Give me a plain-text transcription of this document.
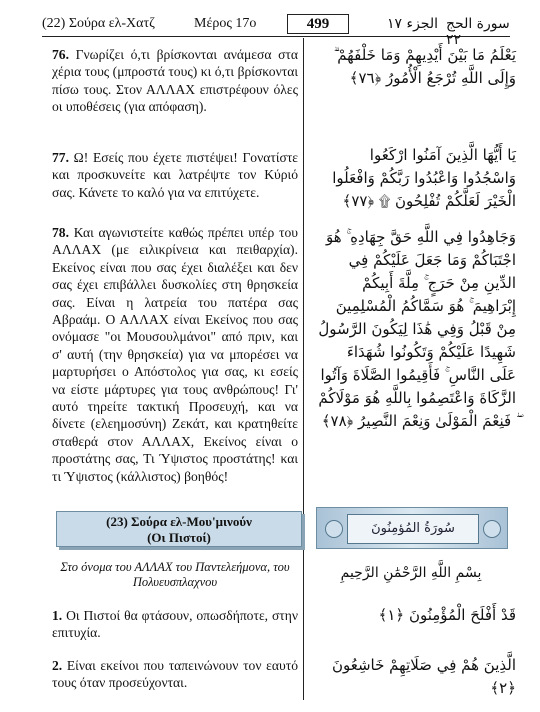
(22) Σούρα ελ-Χατζ	Μέρος 17ο	499	الجزء ١٧ سورة الحج ٢٢
76. Γνωρίζει ό,τι βρίσκονται ανάμεσα στα χέρια τους (μπροστά τους) κι ό,τι βρίσκονται πίσω τους. Στον ΑΛΛΑΧ επιστρέφουν όλες οι υποθέσεις (για απόφαση).
77. Ω! Εσείς που έχετε πιστέψει! Γονατίστε και προσκυνείτε και λατρέψτε τον Κύριό σας. Κάνετε το καλό για να επιτύχετε.
78. Και αγωνιστείτε καθώς πρέπει υπέρ του ΑΛΛΑΧ (με ειλικρίνεια και πειθαρχία). Εκείνος είναι που σας έχει διαλέξει και δεν σας έχει επιβάλλει δυσκολίες στη θρησκεία σας. Είναι η λατρεία του πατέρα σας Αβραάμ. Ο ΑΛΛΑΧ είναι Εκείνος που σας ονόμασε "οι Μουσουλμάνοι" από πριν, και σ' αυτή (την θρησκεία) για να μπορέσει να μαρτυρήσει ο Απόστολος για σας, κι εσείς να είστε μάρτυρες για τους ανθρώπους! Γι' αυτό τηρείτε τακτική Προσευχή, και να δίνετε (ελεημοσύνη) Ζεκάτ, και κρατηθείτε σταθερά στον ΑΛΛΑΧ, Εκείνος είναι ο προστάτης σας, Τι Ύψιστος προστάτης! και τι Ύψιστος (κάλλιστος) βοηθός!
يَعْلَمُ مَا بَيْنَ أَيْدِيهِمْ وَمَا خَلْفَهُمْ ۗ وَإِلَى اللَّهِ تُرْجَعُ الْأُمُورُ ﴿٧٦﴾
يَا أَيُّهَا الَّذِينَ آمَنُوا ارْكَعُوا وَاسْجُدُوا وَاعْبُدُوا رَبَّكُمْ وَافْعَلُوا الْخَيْرَ لَعَلَّكُمْ تُفْلِحُونَ ۩ ﴿٧٧﴾
وَجَاهِدُوا فِي اللَّهِ حَقَّ جِهَادِهِ ۚ هُوَ اجْتَبَاكُمْ وَمَا جَعَلَ عَلَيْكُمْ فِي الدِّينِ مِنْ حَرَجٍ ۚ مِلَّةَ أَبِيكُمْ إِبْرَاهِيمَ ۚ هُوَ سَمَّاكُمُ الْمُسْلِمِينَ مِنْ قَبْلُ وَفِي هَٰذَا لِيَكُونَ الرَّسُولُ شَهِيدًا عَلَيْكُمْ وَتَكُونُوا شُهَدَاءَ عَلَى النَّاسِ ۚ فَأَقِيمُوا الصَّلَاةَ وَآتُوا الزَّكَاةَ وَاعْتَصِمُوا بِاللَّهِ هُوَ مَوْلَاكُمْ ۖ فَنِعْمَ الْمَوْلَىٰ وَنِعْمَ النَّصِيرُ ﴿٧٨﴾
(23) Σούρα ελ-Μου'μινούν
(Οι Πιστοί)
سُورَةُ المُؤمِنُونَ
Στο όνομα του ΑΛΛΑΧ του Παντελεήμονα, του Πολυευσπλαχνου
بِسْمِ اللَّهِ الرَّحْمَٰنِ الرَّحِيمِ
1. Οι Πιστοί θα φτάσουν, οπωσδήποτε, στην επιτυχία.
2. Είναι εκείνοι που ταπεινώνουν τον εαυτό τους όταν προσεύχονται.
قَدْ أَفْلَحَ الْمُؤْمِنُونَ ﴿١﴾
الَّذِينَ هُمْ فِي صَلَاتِهِمْ خَاشِعُونَ ﴿٢﴾
